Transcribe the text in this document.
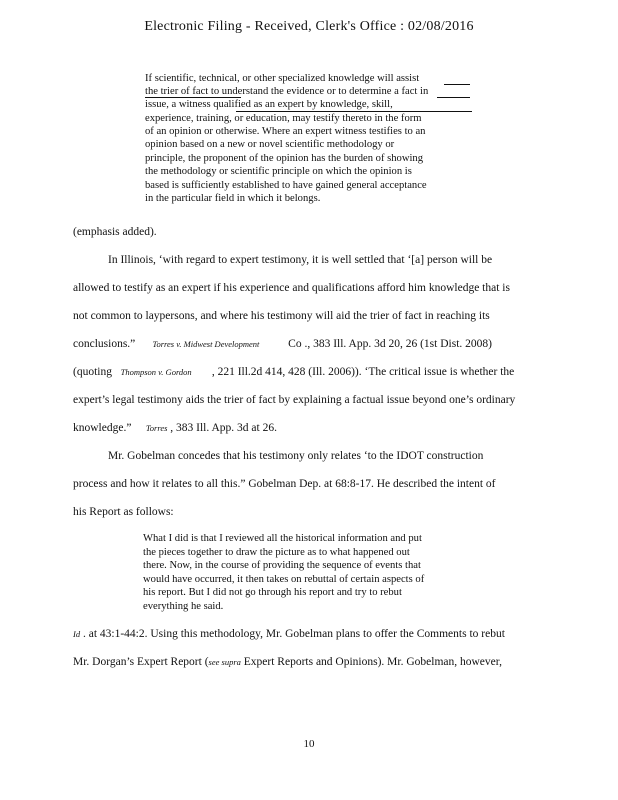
Electronic Filing - Received, Clerk's Office : 02/08/2016
If scientific, technical, or other specialized knowledge will assist
the trier of fact to understand the evidence or to determine a fact in
issue, a witness qualified as an expert by knowledge, skill,
experience, training, or education, may testify thereto in the form
of an opinion or otherwise. Where an expert witness testifies to an
opinion based on a new or novel scientific methodology or
principle, the proponent of the opinion has the burden of showing
the methodology or scientific principle on which the opinion is
based is sufficiently established to have gained general acceptance
in the particular field in which it belongs.
(emphasis added).
In Illinois, ‘with regard to expert testimony, it is well settled that ‘[a] person will be
allowed to testify as an expert if his experience and qualifications afford him knowledge that is
not common to laypersons, and where his testimony will aid the trier of fact in reaching its
conclusions.” Torres v. Midwest Development	Co ., 383 Ill. App. 3d 20, 26 (1st Dist. 2008)
(quoting Thompson v. Gordon , 221 Ill.2d 414, 428 (Ill. 2006)). ‘The critical issue is whether the
expert’s legal testimony aids the trier of fact by explaining a factual issue beyond one’s ordinary
knowledge.” Torres , 383 Ill. App. 3d at 26.
Mr. Gobelman concedes that his testimony only relates ‘to the IDOT construction
process and how it relates to all this.” Gobelman Dep. at 68:8-17. He described the intent of
his Report as follows:
What I did is that I reviewed all the historical information and put
the pieces together to draw the picture as to what happened out
there. Now, in the course of providing the sequence of events that
would have occurred, it then takes on rebuttal of certain aspects of
his report. But I did not go through his report and try to rebut
everything he said.
Id . at 43:1-44:2. Using this methodology, Mr. Gobelman plans to offer the Comments to rebut
Mr. Dorgan’s Expert Report (see supra Expert Reports and Opinions). Mr. Gobelman, however,
10
